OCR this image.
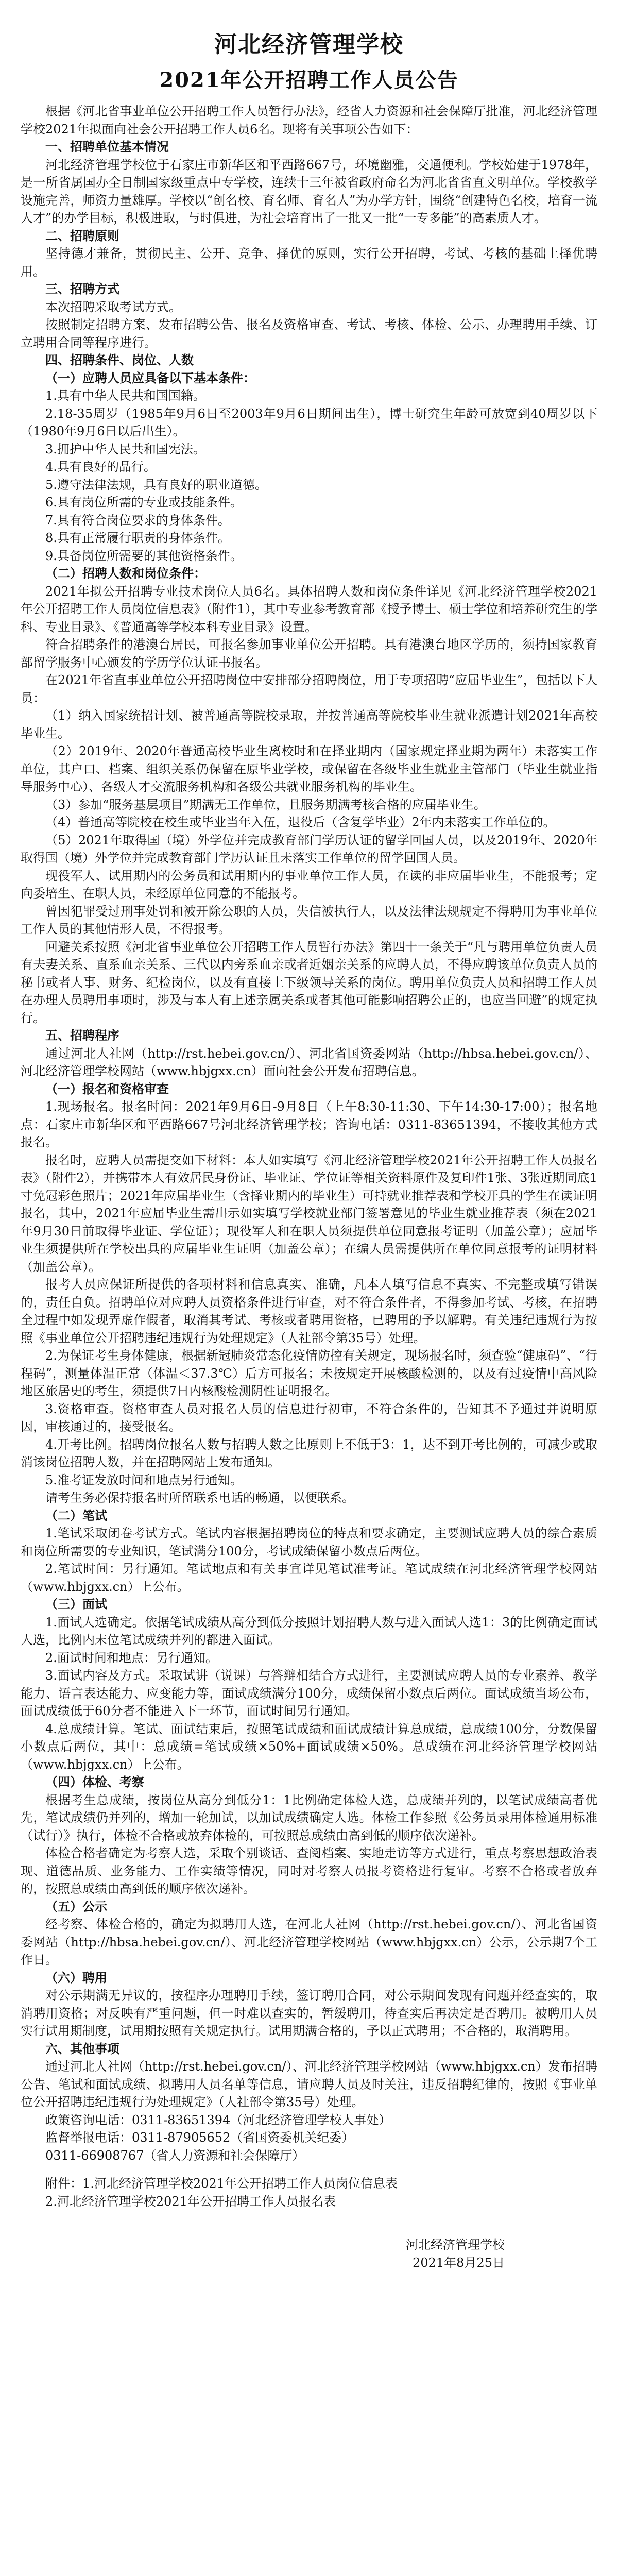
河北经济管理学校
2021年公开招聘工作人员公告

根据《河北省事业单位公开招聘工作人员暂行办法》，经省人力资源和社会保障厅批准，河北经济管理学校2021年拟面向社会公开招聘工作人员6名。现将有关事项公告如下：

一、招聘单位基本情况

河北经济管理学校位于石家庄市新华区和平西路667号，环境幽雅，交通便利。学校始建于1978年，是一所省属国办全日制国家级重点中专学校，连续十三年被省政府命名为河北省省直文明单位。学校教学设施完善，师资力量雄厚。学校以“创名校、育名师、育名人”为办学方针，围绕“创建特色名校，培育一流人才”的办学目标，积极进取，与时俱进，为社会培育出了一批又一批“一专多能”的高素质人才。

二、招聘原则

坚持德才兼备，贯彻民主、公开、竞争、择优的原则，实行公开招聘，考试、考核的基础上择优聘用。

三、招聘方式

本次招聘采取考试方式。

按照制定招聘方案、发布招聘公告、报名及资格审查、考试、考核、体检、公示、办理聘用手续、订立聘用合同等程序进行。

四、招聘条件、岗位、人数

（一）应聘人员应具备以下基本条件：

1.具有中华人民共和国国籍。

2.18-35周岁（1985年9月6日至2003年9月6日期间出生），博士研究生年龄可放宽到40周岁以下（1980年9月6日以后出生）。

3.拥护中华人民共和国宪法。

4.具有良好的品行。

5.遵守法律法规，具有良好的职业道德。

6.具有岗位所需的专业或技能条件。

7.具有符合岗位要求的身体条件。

8.具有正常履行职责的身体条件。

9.具备岗位所需要的其他资格条件。

（二）招聘人数和岗位条件：

2021年拟公开招聘专业技术岗位人员6名。具体招聘人数和岗位条件详见《河北经济管理学校2021年公开招聘工作人员岗位信息表》（附件1），其中专业参考教育部《授予博士、硕士学位和培养研究生的学科、专业目录》、《普通高等学校本科专业目录》设置。

符合招聘条件的港澳台居民，可报名参加事业单位公开招聘。具有港澳台地区学历的，须持国家教育部留学服务中心颁发的学历学位认证书报名。

在2021年省直事业单位公开招聘岗位中安排部分招聘岗位，用于专项招聘“应届毕业生”，包括以下人员：

（1）纳入国家统招计划、被普通高等院校录取，并按普通高等院校毕业生就业派遣计划2021年高校毕业生。

（2）2019年、2020年普通高校毕业生离校时和在择业期内（国家规定择业期为两年）未落实工作单位，其户口、档案、组织关系仍保留在原毕业学校，或保留在各级毕业生就业主管部门（毕业生就业指导服务中心）、各级人才交流服务机构和各级公共就业服务机构的毕业生。

（3）参加“服务基层项目”期满无工作单位，且服务期满考核合格的应届毕业生。

（4）普通高等院校在校生或毕业当年入伍，退役后（含复学毕业）2年内未落实工作单位的。

（5）2021年取得国（境）外学位并完成教育部门学历认证的留学回国人员，以及2019年、2020年取得国（境）外学位并完成教育部门学历认证且未落实工作单位的留学回国人员。

现役军人、试用期内的公务员和试用期内的事业单位工作人员，在读的非应届毕业生，不能报考；定向委培生、在职人员，未经原单位同意的不能报考。

曾因犯罪受过刑事处罚和被开除公职的人员，失信被执行人，以及法律法规规定不得聘用为事业单位工作人员的其他情形人员，不得报考。

回避关系按照《河北省事业单位公开招聘工作人员暂行办法》第四十一条关于“凡与聘用单位负责人员有夫妻关系、直系血亲关系、三代以内旁系血亲或者近姻亲关系的应聘人员，不得应聘该单位负责人员的秘书或者人事、财务、纪检岗位，以及有直接上下级领导关系的岗位。聘用单位负责人员和招聘工作人员在办理人员聘用事项时，涉及与本人有上述亲属关系或者其他可能影响招聘公正的，也应当回避”的规定执行。

五、招聘程序

通过河北人社网（http://rst.hebei.gov.cn/）、河北省国资委网站（http://hbsa.hebei.gov.cn/）、河北经济管理学校网站（www.hbjgxx.cn）面向社会公开发布招聘信息。

（一）报名和资格审查

1.现场报名。报名时间：2021年9月6日-9月8日（上午8:30-11:30、下午14:30-17:00）；报名地点：石家庄市新华区和平西路667号河北经济管理学校；咨询电话：0311-83651394，不接收其他方式报名。

报名时，应聘人员需提交如下材料：本人如实填写《河北经济管理学校2021年公开招聘工作人员报名表》（附件2），并携带本人有效居民身份证、毕业证、学位证等相关资料原件及复印件1张、3张近期同底1寸免冠彩色照片；2021年应届毕业生（含择业期内的毕业生）可持就业推荐表和学校开具的学生在读证明报名，其中，2021年应届毕业生需出示如实填写学校就业部门签署意见的毕业生就业推荐表（须在2021年9月30日前取得毕业证、学位证）；现役军人和在职人员须提供单位同意报考证明（加盖公章）；应届毕业生须提供所在学校出具的应届毕业生证明（加盖公章）；在编人员需提供所在单位同意报考的证明材料（加盖公章）。

报考人员应保证所提供的各项材料和信息真实、准确，凡本人填写信息不真实、不完整或填写错误的，责任自负。招聘单位对应聘人员资格条件进行审查，对不符合条件者，不得参加考试、考核，在招聘全过程中如发现弄虚作假者，取消其考试、考核或者聘用资格，已聘用的予以解聘。有关违纪违规行为按照《事业单位公开招聘违纪违规行为处理规定》（人社部令第35号）处理。

2.为保证考生身体健康，根据新冠肺炎常态化疫情防控有关规定，现场报名时，须查验“健康码”、“行程码”，测量体温正常（体温＜37.3℃）后方可报名；未按规定开展核酸检测的，以及有过疫情中高风险地区旅居史的考生，须提供7日内核酸检测阴性证明报名。

3.资格审查。资格审查人员对报名人员的信息进行初审，不符合条件的，告知其不予通过并说明原因，审核通过的，接受报名。

4.开考比例。招聘岗位报名人数与招聘人数之比原则上不低于3：1，达不到开考比例的，可减少或取消该岗位招聘人数，并在招聘网站上发布通知。

5.准考证发放时间和地点另行通知。

请考生务必保持报名时所留联系电话的畅通，以便联系。

（二）笔试

1.笔试采取闭卷考试方式。笔试内容根据招聘岗位的特点和要求确定，主要测试应聘人员的综合素质和岗位所需要的专业知识，笔试满分100分，考试成绩保留小数点后两位。

2.笔试时间：另行通知。笔试地点和有关事宜详见笔试准考证。笔试成绩在河北经济管理学校网站（www.hbjgxx.cn）上公布。

（三）面试

1.面试人选确定。依据笔试成绩从高分到低分按照计划招聘人数与进入面试人选1：3的比例确定面试人选，比例内末位笔试成绩并列的都进入面试。

2.面试时间和地点：另行通知。

3.面试内容及方式。采取试讲（说课）与答辩相结合方式进行，主要测试应聘人员的专业素养、教学能力、语言表达能力、应变能力等，面试成绩满分100分，成绩保留小数点后两位。面试成绩当场公布，面试成绩低于60分者不能进入下一环节，面试时间另行通知。

4.总成绩计算。笔试、面试结束后，按照笔试成绩和面试成绩计算总成绩，总成绩100分，分数保留小数点后两位，其中：总成绩=笔试成绩×50%+面试成绩×50%。总成绩在河北经济管理学校网站（www.hbjgxx.cn）上公布。

（四）体检、考察

根据考生总成绩，按岗位从高分到低分1：1比例确定体检人选，总成绩并列的，以笔试成绩高者优先，笔试成绩仍并列的，增加一轮加试，以加试成绩确定人选。体检工作参照《公务员录用体检通用标准（试行）》执行，体检不合格或放弃体检的，可按照总成绩由高到低的顺序依次递补。

体检合格者确定为考察人选，采取个别谈话、查阅档案、实地走访等方式进行，重点考察思想政治表现、道德品质、业务能力、工作实绩等情况，同时对考察人员报考资格进行复审。考察不合格或者放弃的，按照总成绩由高到低的顺序依次递补。

（五）公示

经考察、体检合格的，确定为拟聘用人选，在河北人社网（http://rst.hebei.gov.cn/）、河北省国资委网站（http://hbsa.hebei.gov.cn/）、河北经济管理学校网站（www.hbjgxx.cn）公示，公示期7个工作日。

（六）聘用

对公示期满无异议的，按程序办理聘用手续，签订聘用合同，对公示期间发现有问题并经查实的，取消聘用资格；对反映有严重问题，但一时难以查实的，暂缓聘用，待查实后再决定是否聘用。被聘用人员实行试用期制度，试用期按照有关规定执行。试用期满合格的，予以正式聘用；不合格的，取消聘用。

六、其他事项

通过河北人社网（http://rst.hebei.gov.cn/）、河北经济管理学校网站（www.hbjgxx.cn）发布招聘公告、笔试和面试成绩、拟聘用人员名单等信息，请应聘人员及时关注，违反招聘纪律的，按照《事业单位公开招聘违纪违规行为处理规定》（人社部令第35号）处理。

政策咨询电话：0311-83651394（河北经济管理学校人事处）

监督举报电话：0311-87905652（省国资委机关纪委）

0311-66908767（省人力资源和社会保障厅）

附件：1.河北经济管理学校2021年公开招聘工作人员岗位信息表

2.河北经济管理学校2021年公开招聘工作人员报名表

河北经济管理学校

2021年8月25日
